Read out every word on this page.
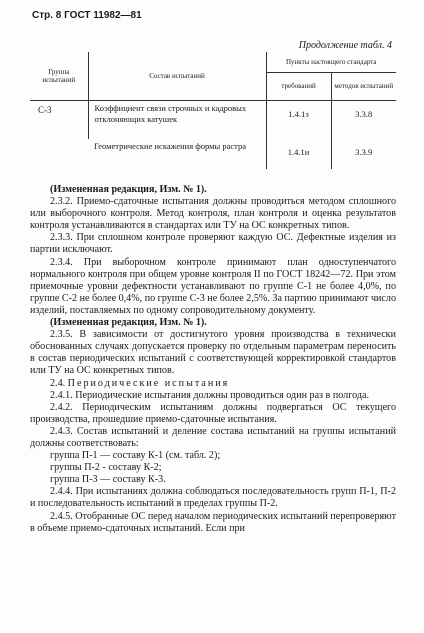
Стр. 8 ГОСТ 11982—81
Продолжение табл. 4
Группа испытаний	Состав испытаний	Пункты настоящего стандарта	
		требований	методов испытаний
С-3	Коэффициент связи строчных и кадровых отклоняющих катушек	1.4.1з	3.3.8
	Геометрические искажения формы растра	1.4.1и	3.3.9

(Измененная редакция, Изм. № 1).

2.3.2. Приемо-сдаточные испытания должны проводиться методом сплошного или выборочного контроля. Метод контроля, план контроля и оценка результатов контроля устанавливаются в стандартах или ТУ на ОС конкретных типов.

2.3.3. При сплошном контроле проверяют каждую ОС. Дефектные изделия из партии исключают.

2.3.4. При выборочном контроле принимают план одноступенчатого нормального контроля при общем уровне контроля II по ГОСТ 18242—72. При этом приемочные уровни дефектности устанавливают по группе С-1 не более 4,0%, по группе С-2 не более 0,4%, по группе С-3 не более 2,5%. За партию принимают число изделий, поставляемых по одному сопроводительному документу.

(Измененная редакция, Изм. № 1).

2.3.5. В зависимости от достигнутого уровня производства в технически обоснованных случаях допускается проверку по отдельным параметрам переносить в состав периодических испытаний с соответствующей корректировкой стандартов или ТУ на ОС конкретных типов.

2.4. Периодические испытания

2.4.1. Периодические испытания должны проводиться один раз в полгода.

2.4.2. Периодическим испытаниям должны подвергаться ОС текущего производства, прошедшие приемо-сдаточные испытания.

2.4.3. Состав испытаний и деление состава испытаний на группы испытаний должны соответствовать:

группа П-1 — составу К-1 (см. табл. 2);

группы П-2 - составу К-2;

группа П-3 — составу К-3.

2.4.4. При испытаниях должна соблюдаться последовательность групп П-1, П-2 и последовательность испытаний в пределах группы П-2.

2.4.5. Отобранные ОС перед началом периодических испытаний перепроверяют в объеме приемо-сдаточных испытаний. Если при
